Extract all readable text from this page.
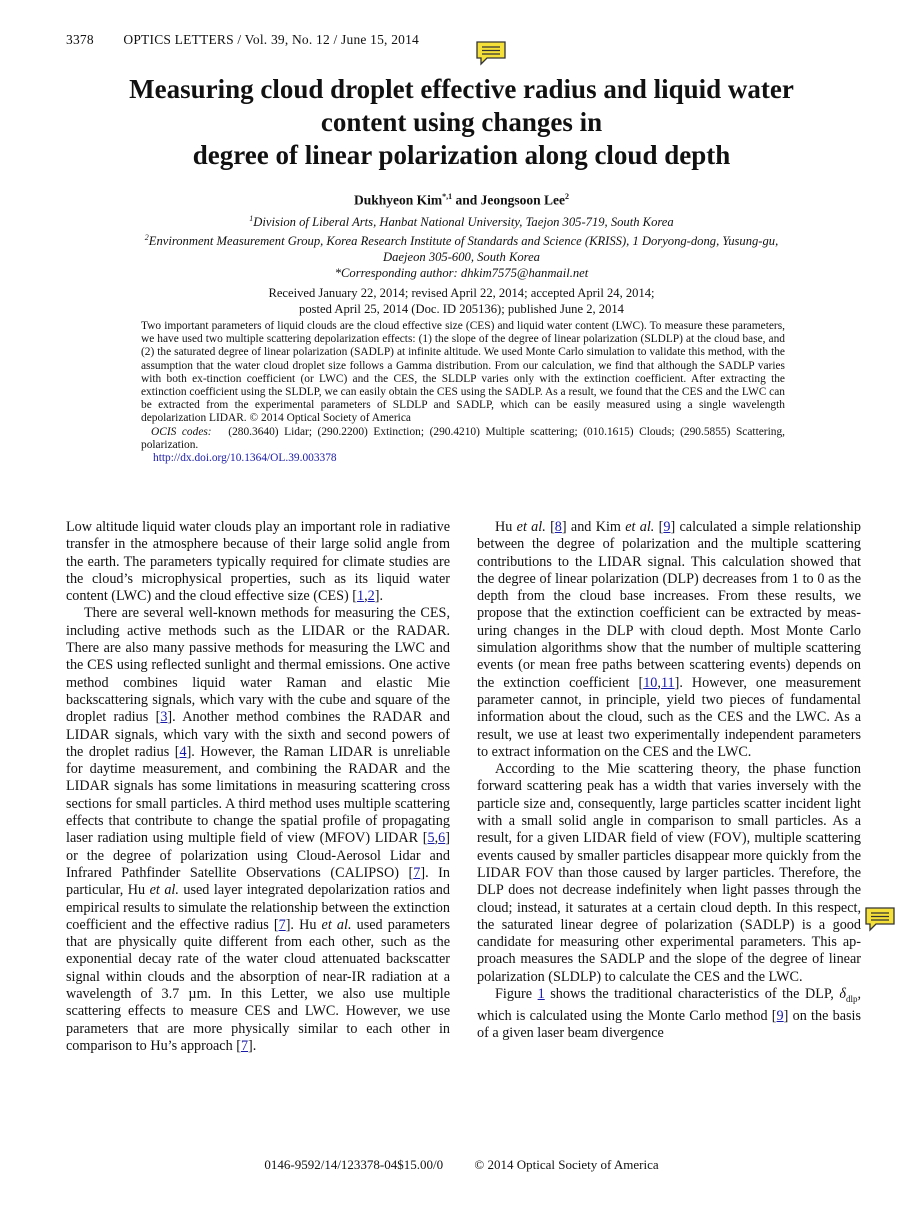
3378 OPTICS LETTERS / Vol. 39, No. 12 / June 15, 2014
Measuring cloud droplet effective radius and liquid water
content using changes in
degree of linear polarization along cloud depth
Dukhyeon Kim$^{*,1}$ and Jeongsoon Lee$^2$
$^1$Division of Liberal Arts, Hanbat National University, Taejon 305-719, South Korea
$^2$Environment Measurement Group, Korea Research Institute of Standards and Science (KRISS), 1 Doryong-dong, Yusung-gu,
Daejeon 305-600, South Korea
*Corresponding author: dhkim7575@hanmail.net
Received January 22, 2014; revised April 22, 2014; accepted April 24, 2014;
posted April 25, 2014 (Doc. ID 205136); published June 2, 2014

Two important parameters of liquid clouds are the cloud effective size (CES) and liquid water content (LWC). To measure these parameters, we have used two multiple scattering depolarization effects: (1) the slope of the degree of linear polarization (SLDLP) at the cloud base, and (2) the saturated degree of linear polarization (SADLP) at infinite altitude. We used Monte Carlo simulation to validate this method, with the assumption that the water cloud droplet size follows a Gamma distribution. From our calculation, we find that although the SADLP varies with both ex-tinction coefficient (or LWC) and the CES, the SLDLP varies only with the extinction coefficient. After extracting the extinction coefficient using the SLDLP, we can easily obtain the CES using the SADLP. As a result, we found that the CES and the LWC can be extracted from the experimental parameters of SLDLP and SADLP, which can be easily measured using a single wavelength depolarization LIDAR. © 2014 Optical Society of America

OCIS codes: (280.3640) Lidar; (290.2200) Extinction; (290.4210) Multiple scattering; (010.1615) Clouds; (290.5855) Scattering, polarization.

http://dx.doi.org/10.1364/OL.39.003378

Low altitude liquid water clouds play an important role in radiative transfer in the atmosphere because of their large solid angle from the earth. The parameters typically required for climate studies are the cloud’s microphysical properties, such as its liquid water content (LWC) and the cloud effective size (CES) [1,2].

There are several well-known methods for measuring the CES, including active methods such as the LIDAR or the RADAR. There are also many passive methods for measuring the LWC and the CES using reflected sunlight and thermal emissions. One active method combines liquid water Raman and elastic Mie backscattering signals, which vary with the cube and square of the droplet radius [3]. Another method combines the RADAR and LIDAR signals, which vary with the sixth and second powers of the droplet radius [4]. However, the Raman LIDAR is unreliable for daytime measurement, and combining the RADAR and the LIDAR signals has some limitations in measuring scattering cross sections for small particles. A third method uses multiple scattering effects that contribute to change the spatial profile of propagating laser radiation using multiple field of view (MFOV) LIDAR [5,6] or the degree of polarization using Cloud-Aerosol Lidar and Infrared Pathfinder Satellite Observations (CALIPSO) [7]. In particular, Hu et al. used layer integrated depolarization ratios and empirical results to simulate the relationship between the extinction coefficient and the effective radius [7]. Hu et al. used parameters that are physically quite different from each other, such as the exponential decay rate of the water cloud attenuated backscatter signal within clouds and the absorption of near-IR radiation at a wavelength of 3.7 µm. In this Letter, we also use multiple scattering effects to measure CES and LWC. However, we use parameters that are more physically similar to each other in comparison to Hu’s approach [7].

Hu et al. [8] and Kim et al. [9] calculated a simple relationship between the degree of polarization and the multiple scattering contributions to the LIDAR signal. This calculation showed that the degree of linear polarization (DLP) decreases from 1 to 0 as the depth from the cloud base increases. From these results, we propose that the extinction coefficient can be extracted by measuring changes in the DLP with cloud depth. Most Monte Carlo simulation algorithms show that the number of multiple scattering events (or mean free paths between scattering events) depends on the extinction coefficient [10,11]. However, one measurement parameter cannot, in principle, yield two pieces of fundamental information about the cloud, such as the CES and the LWC. As a result, we use at least two experimentally independent parameters to extract information on the CES and the LWC.

According to the Mie scattering theory, the phase function forward scattering peak has a width that varies inversely with the particle size and, consequently, large particles scatter incident light with a small solid angle in comparison to small particles. As a result, for a given LIDAR field of view (FOV), multiple scattering events caused by smaller particles disappear more quickly from the LIDAR FOV than those caused by larger particles. Therefore, the DLP does not decrease indefinitely when light passes through the cloud; instead, it saturates at a certain cloud depth. In this respect, the saturated linear degree of polarization (SADLP) is a good candidate for measuring other experimental parameters. This approach measures the SADLP and the slope of the degree of linear polarization (SLDLP) to calculate the CES and the LWC.

Figure 1 shows the traditional characteristics of the DLP, $\delta_{dlp}$, which is calculated using the Monte Carlo method [9] on the basis of a given laser beam divergence

0146-9592/14/123378-04$15.00/0 © 2014 Optical Society of America
